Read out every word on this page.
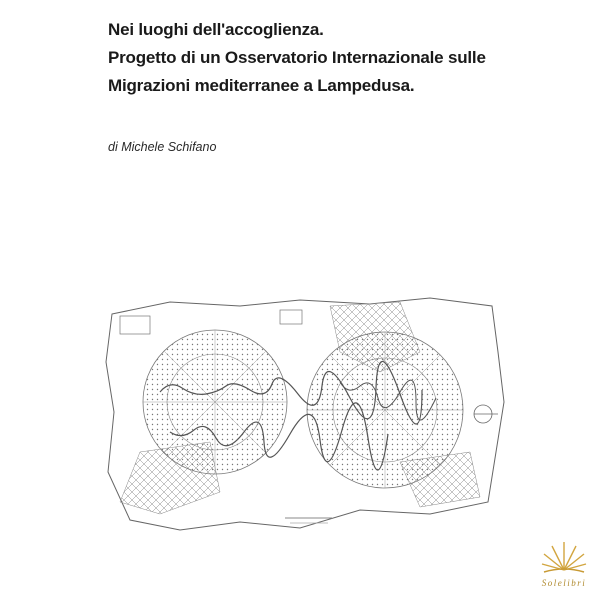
Nei luoghi dell'accoglienza.
Progetto di un Osservatorio Internazionale sulle
Migrazioni mediterranee a Lampedusa.
di Michele Schifano
Solelibri
